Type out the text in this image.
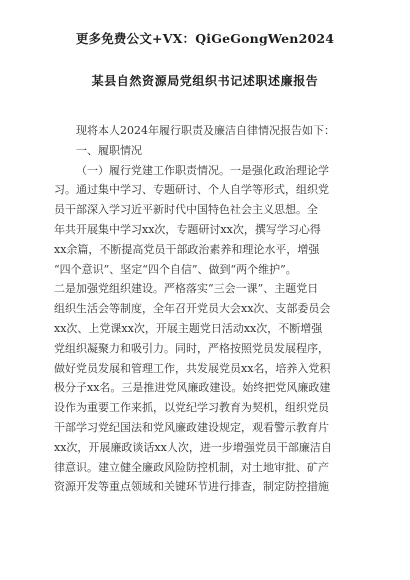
更多免费公文+VX：QiGeGongWen2024
某县自然资源局党组织书记述职述廉报告
现将本人2024年履行职责及廉洁自律情况报告如下：
一、履职情况
（一）履行党建工作职责情况。一是强化政治理论学
习。通过集中学习、专题研讨、个人自学等形式，组织党
员干部深入学习近平新时代中国特色社会主义思想。全
年共开展集中学习xx次，专题研讨xx次，撰写学习心得
xx余篇，不断提高党员干部政治素养和理论水平，增强
“四个意识”、坚定“四个自信”、做到“两个维护”。
二是加强党组织建设。严格落实“三会一课”、主题党日
组织生活会等制度，全年召开党员大会xx次、支部委员会
xx次、上党课xx次，开展主题党日活动xx次，不断增强
党组织凝聚力和吸引力。同时，严格按照党员发展程序，
做好党员发展和管理工作，共发展党员xx名，培养入党积
极分子xx名。三是推进党风廉政建设。始终把党风廉政建
设作为重要工作来抓，以党纪学习教育为契机，组织党员
干部学习党纪国法和党风廉政建设规定，观看警示教育片
xx次，开展廉政谈话xx人次，进一步增强党员干部廉洁自
律意识。建立健全廉政风险防控机制，对土地审批、矿产
资源开发等重点领域和关键环节进行排查，制定防控措施
